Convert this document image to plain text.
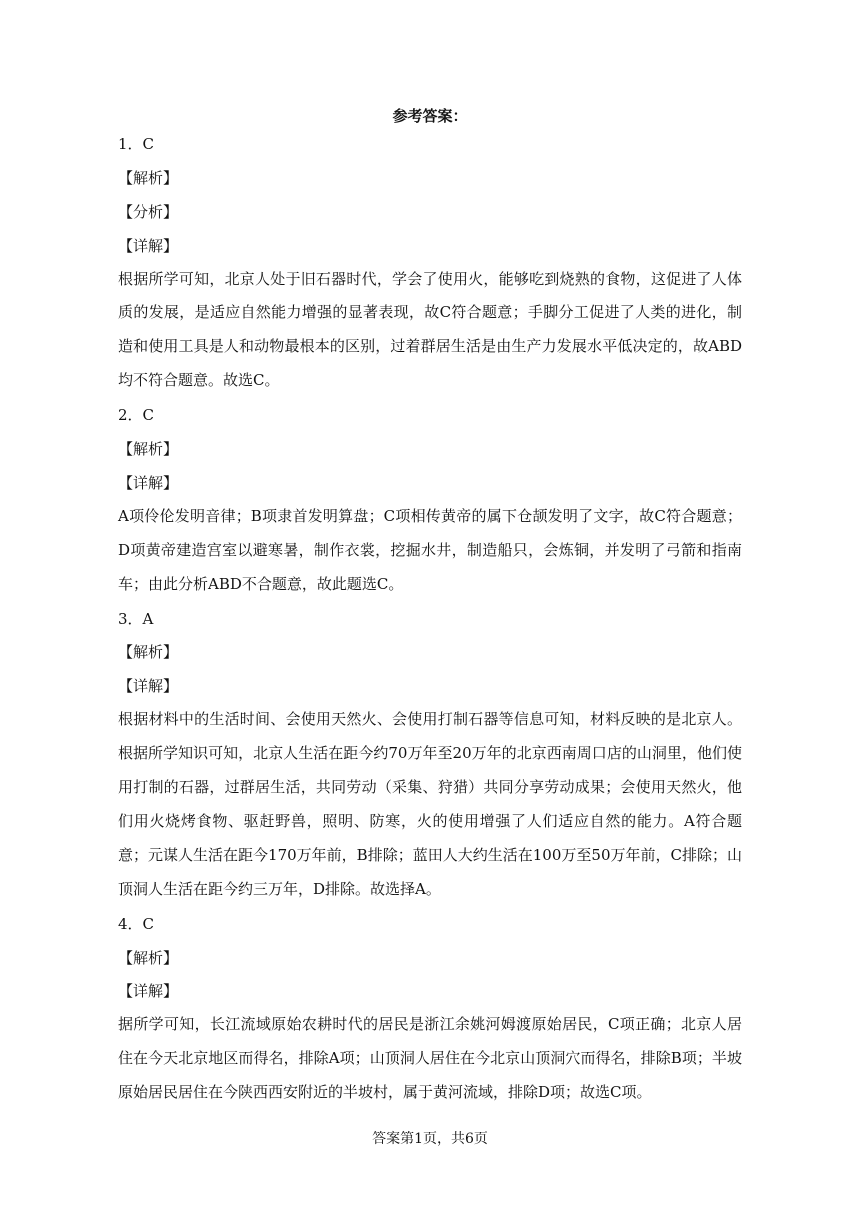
参考答案：
1．C
【解析】
【分析】
【详解】

根据所学可知，北京人处于旧石器时代，学会了使用火，能够吃到烧熟的食物，这促进了人体质的发展，是适应自然能力增强的显著表现，故C符合题意；手脚分工促进了人类的进化，制造和使用工具是人和动物最根本的区别，过着群居生活是由生产力发展水平低决定的，故ABD均不符合题意。故选C。

2．C
【解析】
【详解】

A项伶伦发明音律；B项隶首发明算盘；C项相传黄帝的属下仓颉发明了文字，故C符合题意；D项黄帝建造宫室以避寒暑，制作衣裳，挖掘水井，制造船只，会炼铜，并发明了弓箭和指南车；由此分析ABD不合题意，故此题选C。

3．A
【解析】
【详解】

根据材料中的生活时间、会使用天然火、会使用打制石器等信息可知，材料反映的是北京人。根据所学知识可知，北京人生活在距今约70万年至20万年的北京西南周口店的山洞里，他们使用打制的石器，过群居生活，共同劳动（采集、狩猎）共同分享劳动成果；会使用天然火，他们用火烧烤食物、驱赶野兽，照明、防寒，火的使用增强了人们适应自然的能力。A符合题意；元谋人生活在距今170万年前，B排除；蓝田人大约生活在100万至50万年前，C排除；山顶洞人生活在距今约三万年，D排除。故选择A。

4．C
【解析】
【详解】

据所学可知，长江流域原始农耕时代的居民是浙江余姚河姆渡原始居民，C项正确；北京人居住在今天北京地区而得名，排除A项；山顶洞人居住在今北京山顶洞穴而得名，排除B项；半坡原始居民居住在今陕西西安附近的半坡村，属于黄河流域，排除D项；故选C项。

答案第1页，共6页
